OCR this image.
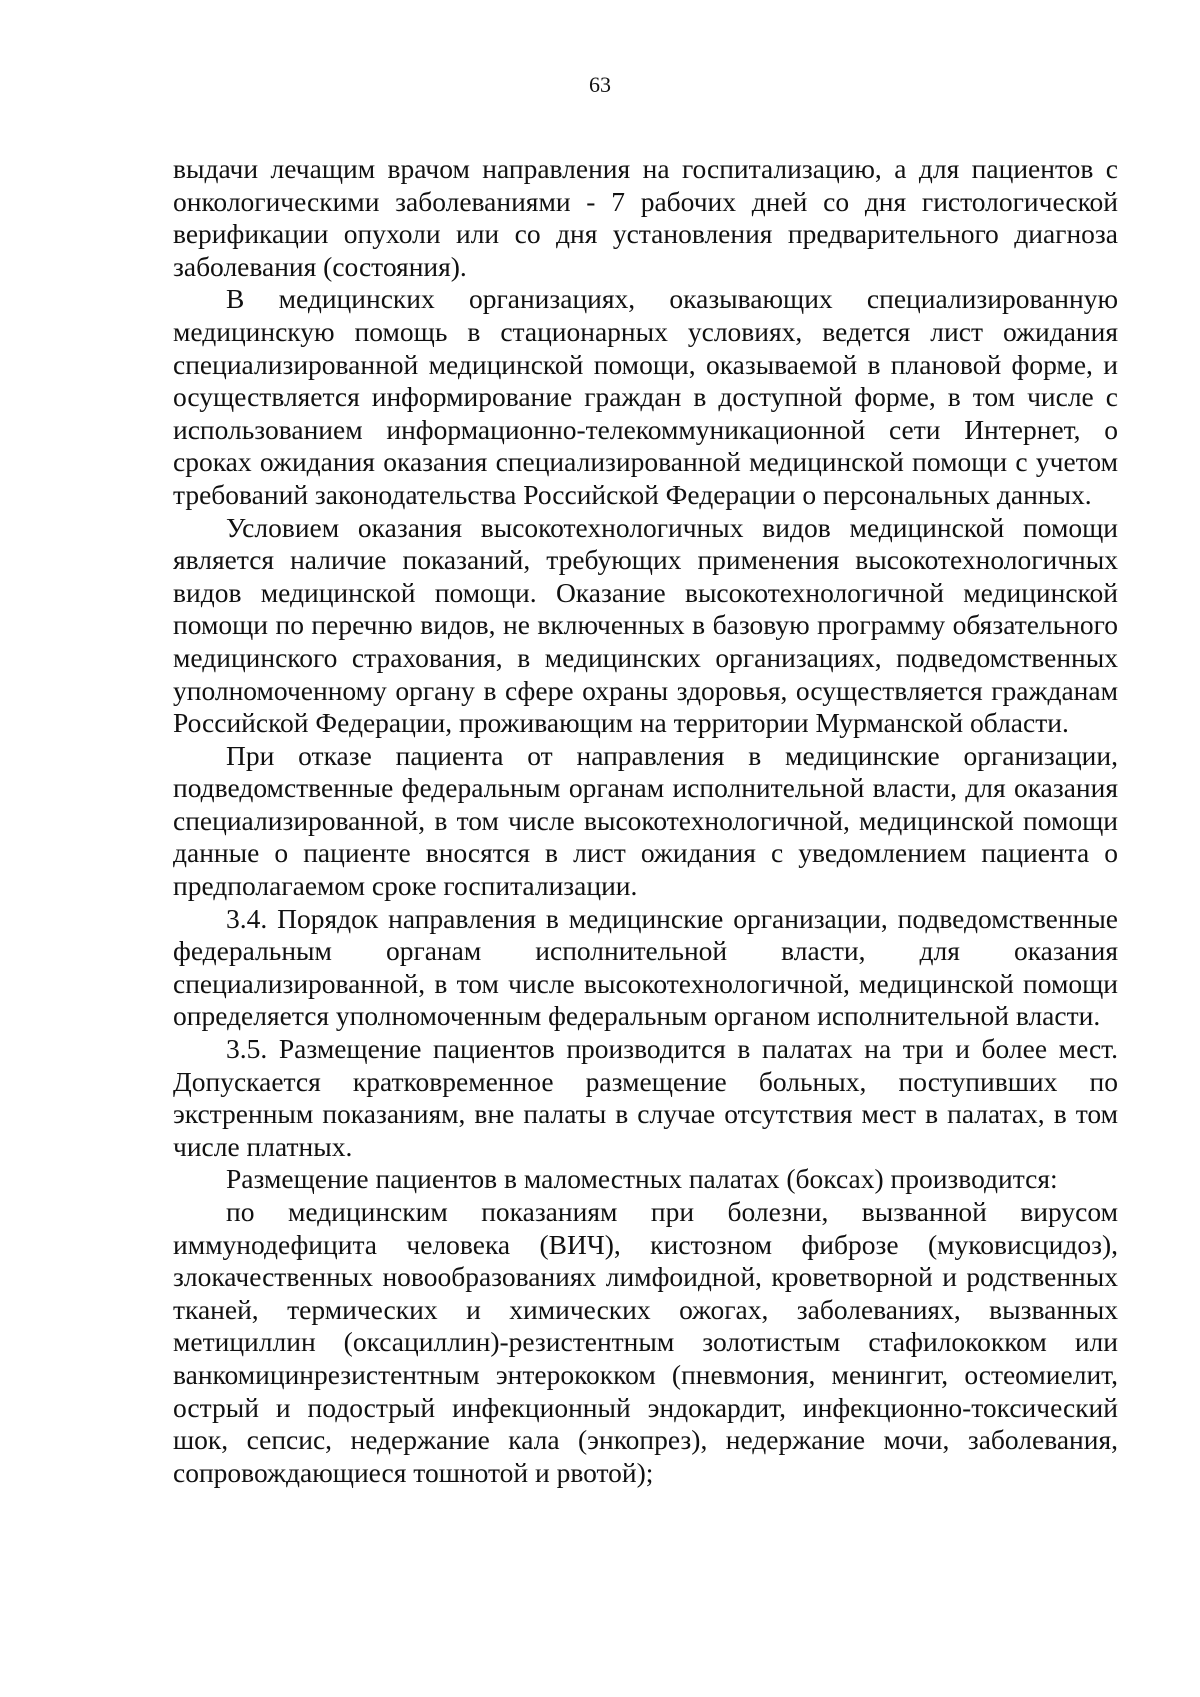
63

выдачи лечащим врачом направления на госпитализацию, а для пациентов с онкологическими заболеваниями - 7 рабочих дней со дня гистологической верификации опухоли или со дня установления предварительного диагноза заболевания (состояния).

В медицинских организациях, оказывающих специализированную медицинскую помощь в стационарных условиях, ведется лист ожидания специализированной медицинской помощи, оказываемой в плановой форме, и осуществляется информирование граждан в доступной форме, в том числе с использованием информационно-телекоммуникационной сети Интернет, о сроках ожидания оказания специализированной медицинской помощи с учетом требований законодательства Российской Федерации о персональных данных.

Условием оказания высокотехнологичных видов медицинской помощи является наличие показаний, требующих применения высокотехнологичных видов медицинской помощи. Оказание высокотехнологичной медицинской помощи по перечню видов, не включенных в базовую программу обязательного медицинского страхования, в медицинских организациях, подведомственных уполномоченному органу в сфере охраны здоровья, осуществляется гражданам Российской Федерации, проживающим на территории Мурманской области.

При отказе пациента от направления в медицинские организации, подведомственные федеральным органам исполнительной власти, для оказания специализированной, в том числе высокотехнологичной, медицинской помощи данные о пациенте вносятся в лист ожидания с уведомлением пациента о предполагаемом сроке госпитализации.

3.4. Порядок направления в медицинские организации, подведомственные федеральным органам исполнительной власти, для оказания специализированной, в том числе высокотехнологичной, медицинской помощи определяется уполномоченным федеральным органом исполнительной власти.

3.5. Размещение пациентов производится в палатах на три и более мест. Допускается кратковременное размещение больных, поступивших по экстренным показаниям, вне палаты в случае отсутствия мест в палатах, в том числе платных.

Размещение пациентов в маломестных палатах (боксах) производится:

по медицинским показаниям при болезни, вызванной вирусом иммунодефицита человека (ВИЧ), кистозном фиброзе (муковисцидоз), злокачественных новообразованиях лимфоидной, кроветворной и родственных тканей, термических и химических ожогах, заболеваниях, вызванных метициллин (оксациллин)-резистентным золотистым стафилококком или ванкомицинрезистентным энтерококком (пневмония, менингит, остеомиелит, острый и подострый инфекционный эндокардит, инфекционно-токсический шок, сепсис, недержание кала (энкопрез), недержание мочи, заболевания, сопровождающиеся тошнотой и рвотой);
